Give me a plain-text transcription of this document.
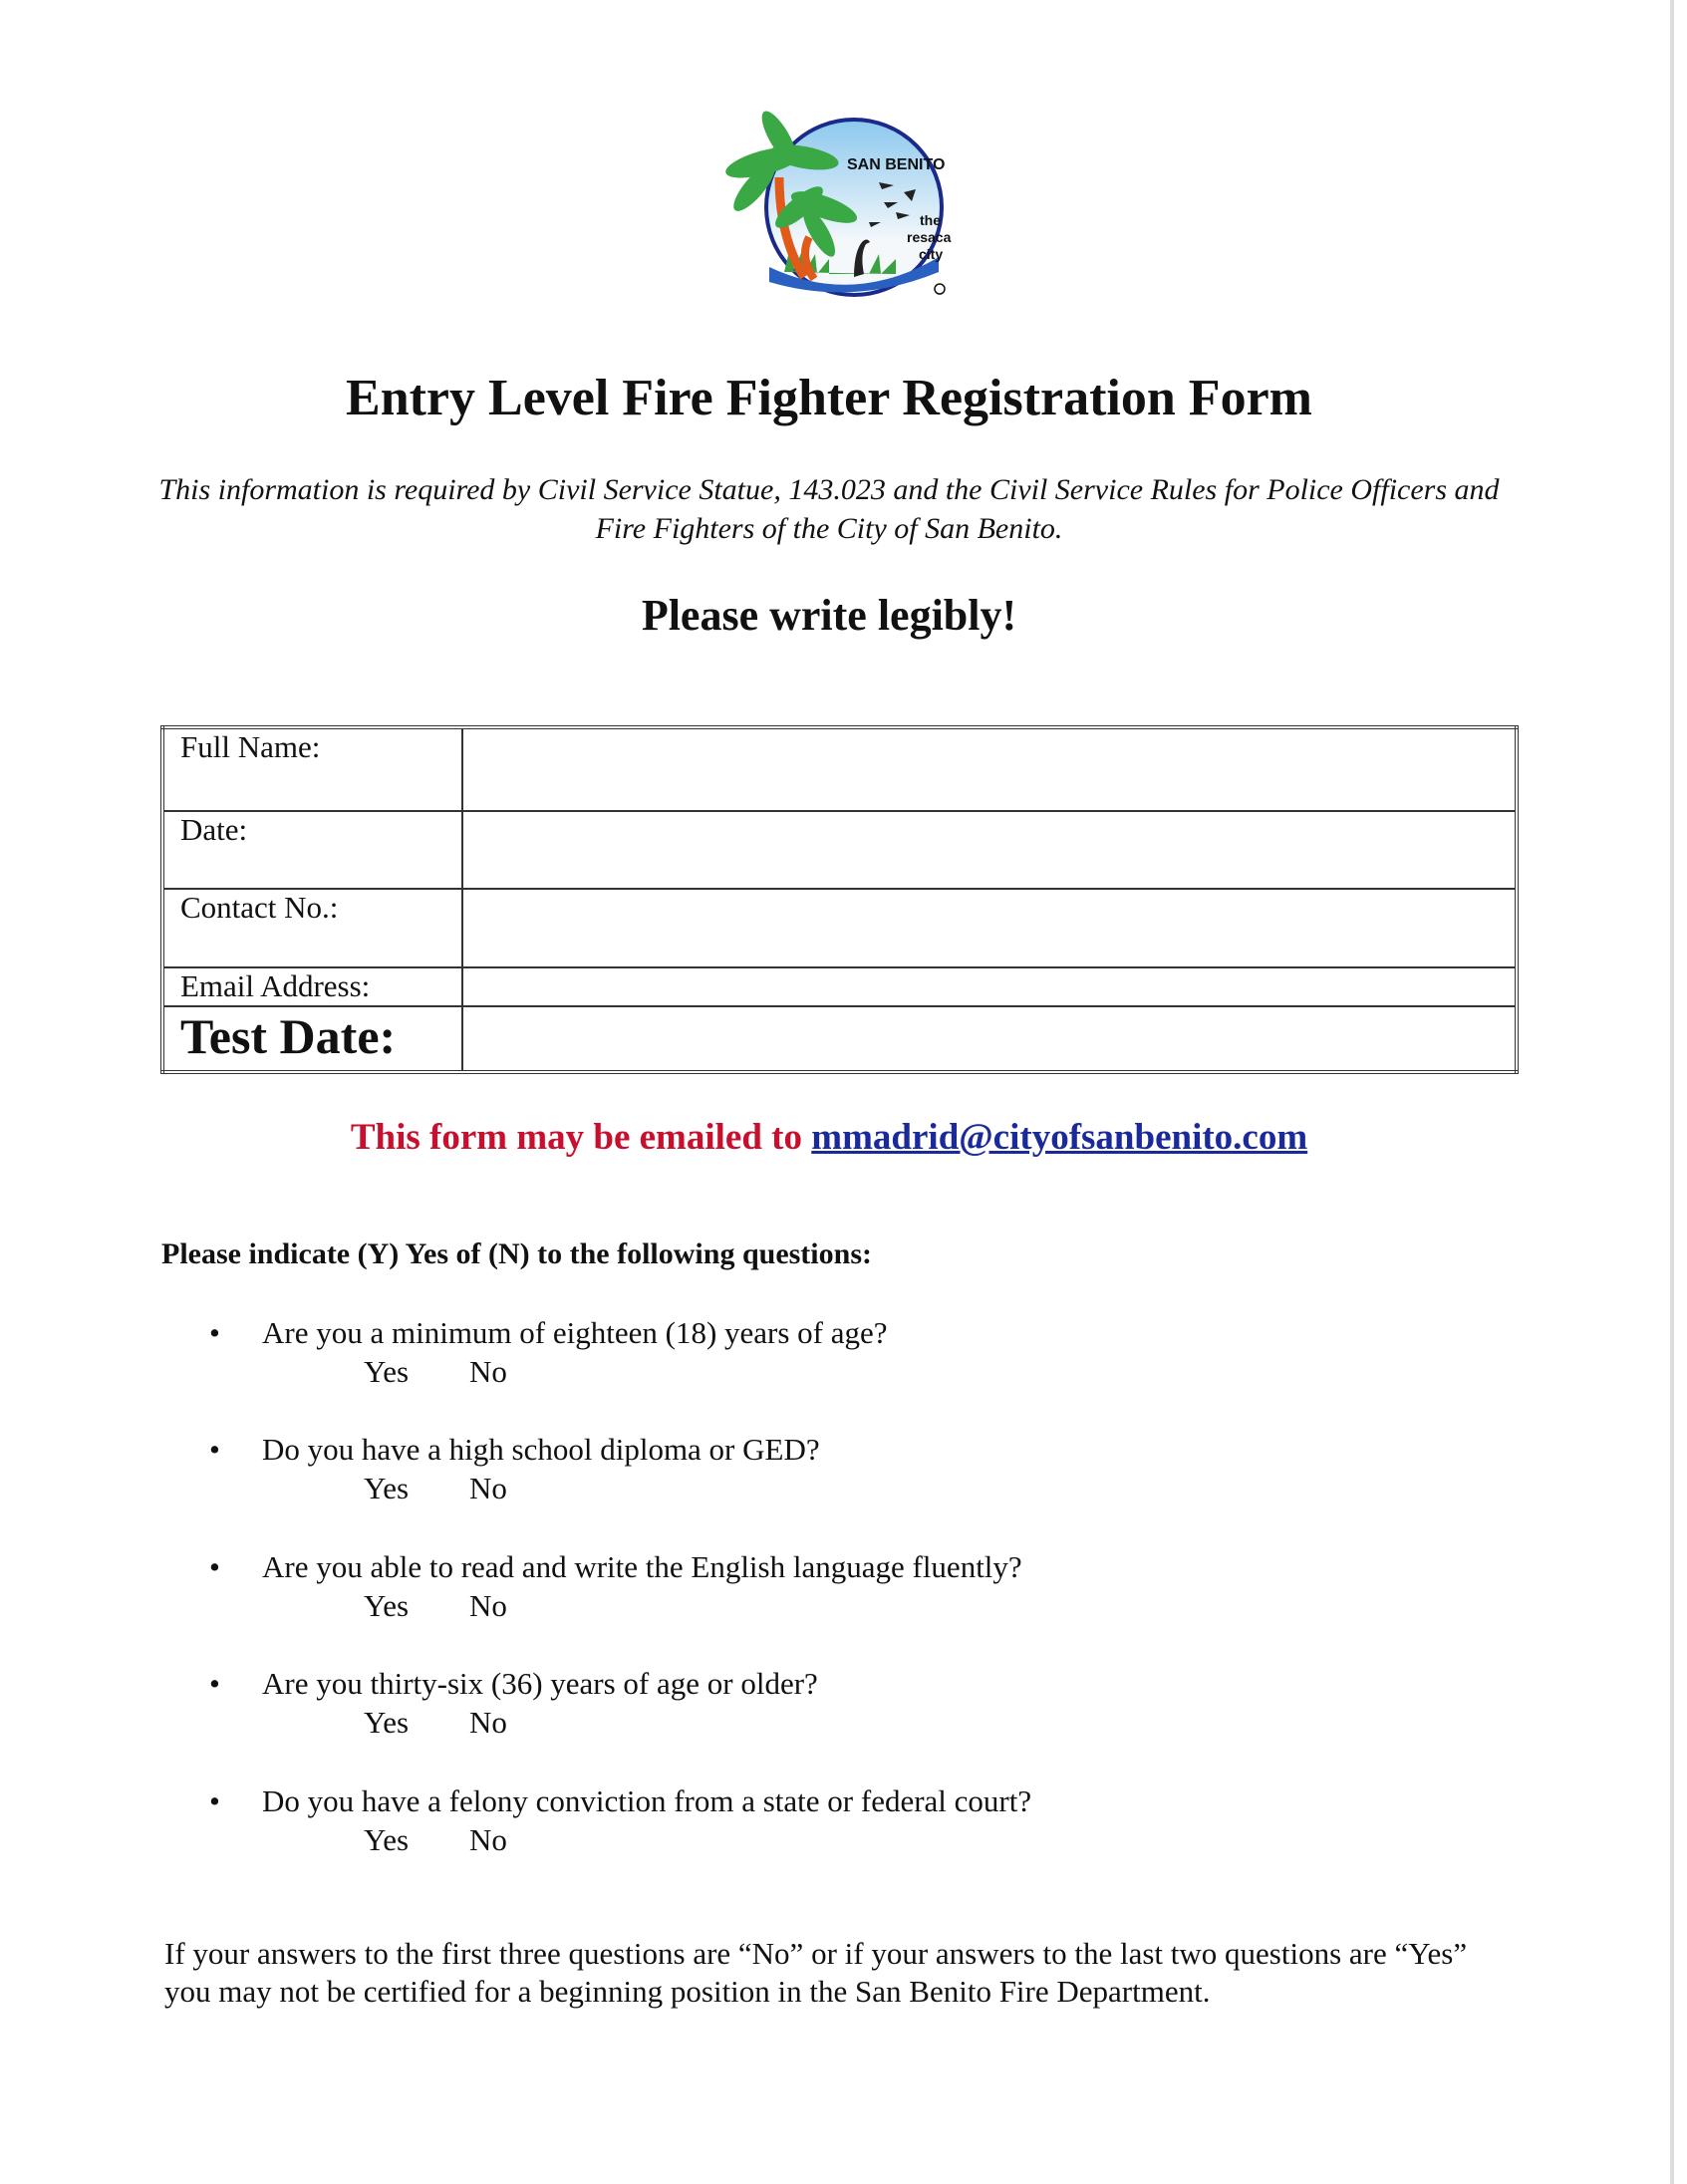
SAN BENITO
the
resaca
city
Entry Level Fire Fighter Registration Form
This information is required by Civil Service Statue, 143.023 and the Civil Service Rules for Police Officers and Fire Fighters of the City of San Benito.
Please write legibly!
Full Name:	
Date:	
Contact No.:	
Email Address:	
Test Date:	
This form may be emailed to mmadrid@cityofsanbenito.com
Please indicate (Y) Yes of (N) to the following questions:
• Are you a minimum of eighteen (18) years of age?
Yes No
• Do you have a high school diploma or GED?
Yes No
• Are you able to read and write the English language fluently?
Yes No
• Are you thirty-six (36) years of age or older?
Yes No
• Do you have a felony conviction from a state or federal court?
Yes No
If your answers to the first three questions are “No” or if your answers to the last two questions are “Yes” you may not be certified for a beginning position in the San Benito Fire Department.
